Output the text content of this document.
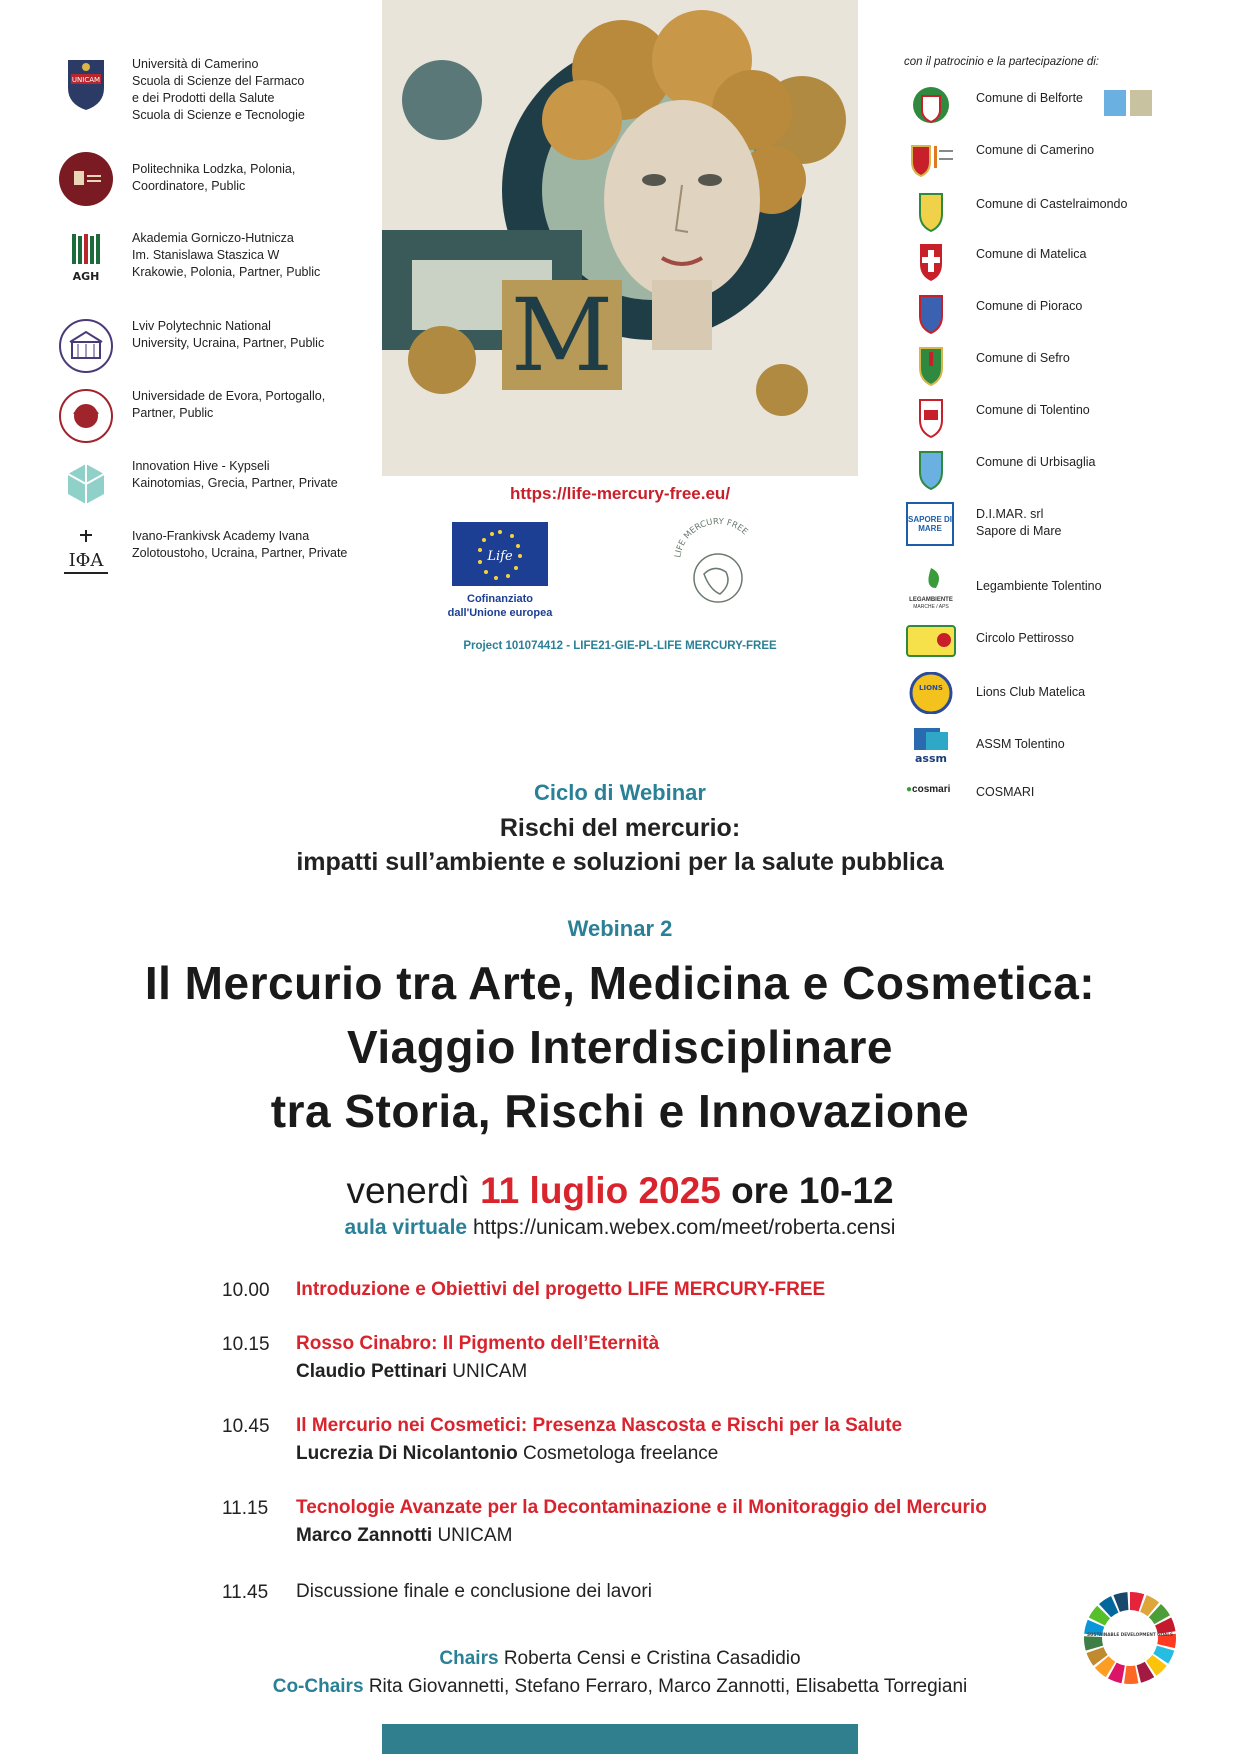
UNICAM
Università di Camerino
Scuola di Scienze del Farmaco
e dei Prodotti della Salute
Scuola di Scienze e Tecnologie
Politechnika Lodzka, Polonia,
Coordinatore, Public
AGH
Akademia Gorniczo-Hutnicza
Im. Stanislawa Staszica W
Krakowie, Polonia, Partner, Public
Lviv Polytechnic National
University, Ucraina, Partner, Public
Universidade de Evora, Portogallo,
Partner, Public
Innovation Hive - Kypseli
Kainotomias, Grecia, Partner, Private
IΦA
Ivano-Frankivsk Academy Ivana
Zolotoustoho, Ucraina, Partner, Private
M
https://life-mercury-free.eu/
Life
Cofinanziato
dall'Unione europea
LIFE MERCURY FREE
Project 101074412 - LIFE21-GIE-PL-LIFE MERCURY-FREE
con il patrocinio e la partecipazione di:
Comune di Belforte
Comune di Camerino
Comune di Castelraimondo
Comune di Matelica
Comune di Pioraco
Comune di Sefro
Comune di Tolentino
Comune di Urbisaglia
SAPORE DI MARE
D.I.MAR. srl
Sapore di Mare
LEGAMBIENTE
MARCHE / APS
Legambiente Tolentino
Circolo Pettirosso
LIONS	Lions Club Matelica
assm
ASSM Tolentino
●cosmari	COSMARI
Ciclo di Webinar
Rischi del mercurio:
impatti sull’ambiente e soluzioni per la salute pubblica
Webinar 2
Il Mercurio tra Arte, Medicina e Cosmetica:
Viaggio Interdisciplinare
tra Storia, Rischi e Innovazione
venerdì 11 luglio 2025 ore 10-12
aula virtuale https://unicam.webex.com/meet/roberta.censi
10.00 Introduzione e Obiettivi del progetto LIFE MERCURY-FREE
10.15 Rosso Cinabro: Il Pigmento dell’Eternità
Claudio Pettinari UNICAM
10.45 Il Mercurio nei Cosmetici: Presenza Nascosta e Rischi per la Salute
Lucrezia Di Nicolantonio Cosmetologa freelance
11.15 Tecnologie Avanzate per la Decontaminazione e il Monitoraggio del Mercurio
Marco Zannotti UNICAM
11.45 Discussione finale e conclusione dei lavori
SUSTAINABLE DEVELOPMENT GOALS
Chairs Roberta Censi e Cristina Casadidio
Co-Chairs Rita Giovannetti, Stefano Ferraro, Marco Zannotti, Elisabetta Torregiani
